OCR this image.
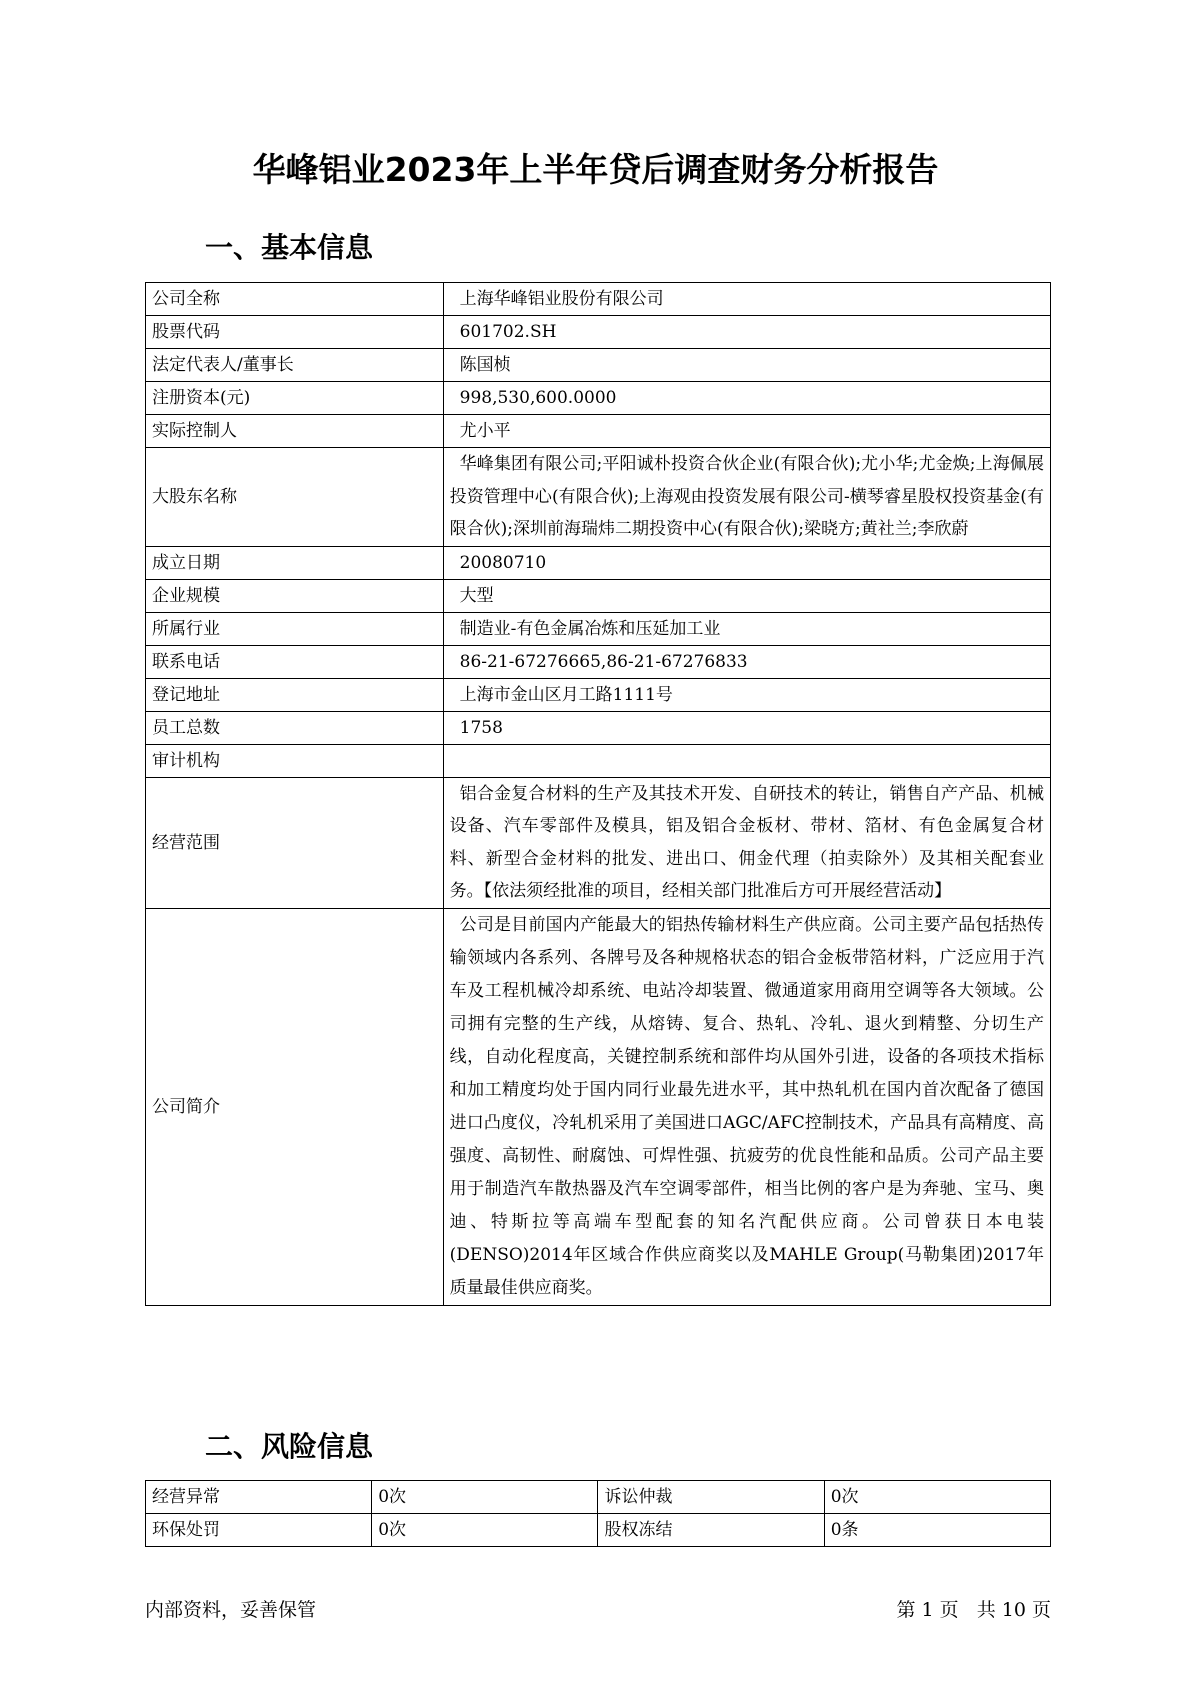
华峰铝业2023年上半年贷后调查财务分析报告
一、基本信息
公司全称	上海华峰铝业股份有限公司
股票代码	601702.SH
法定代表人/董事长	陈国桢
注册资本(元)	998,530,600.0000
实际控制人	尤小平
大股东名称	华峰集团有限公司;平阳诚朴投资合伙企业(有限合伙);尤小华;尤金焕;上海佩展投资管理中心(有限合伙);上海观由投资发展有限公司-横琴睿星股权投资基金(有限合伙);深圳前海瑞炜二期投资中心(有限合伙);梁晓方;黄社兰;李欣蔚
成立日期	20080710
企业规模	大型
所属行业	制造业-有色金属冶炼和压延加工业
联系电话	86-21-67276665,86-21-67276833
登记地址	上海市金山区月工路1111号
员工总数	1758
审计机构	
经营范围	铝合金复合材料的生产及其技术开发、自研技术的转让，销售自产产品、机械设备、汽车零部件及模具，铝及铝合金板材、带材、箔材、有色金属复合材料、新型合金材料的批发、进出口、佣金代理（拍卖除外）及其相关配套业务。【依法须经批准的项目，经相关部门批准后方可开展经营活动】
公司简介	公司是目前国内产能最大的铝热传输材料生产供应商。公司主要产品包括热传输领域内各系列、各牌号及各种规格状态的铝合金板带箔材料，广泛应用于汽车及工程机械冷却系统、电站冷却装置、微通道家用商用空调等各大领域。公司拥有完整的生产线，从熔铸、复合、热轧、冷轧、退火到精整、分切生产线，自动化程度高，关键控制系统和部件均从国外引进，设备的各项技术指标和加工精度均处于国内同行业最先进水平，其中热轧机在国内首次配备了德国进口凸度仪，冷轧机采用了美国进口AGC/AFC控制技术，产品具有高精度、高强度、高韧性、耐腐蚀、可焊性强、抗疲劳的优良性能和品质。公司产品主要用于制造汽车散热器及汽车空调零部件，相当比例的客户是为奔驰、宝马、奥迪、特斯拉等高端车型配套的知名汽配供应商。公司曾获日本电装(DENSO)2014年区域合作供应商奖以及MAHLE Group(马勒集团)2017年质量最佳供应商奖。
二、风险信息
经营异常	0次	诉讼仲裁	0次
环保处罚	0次	股权冻结	0条

内部资料，妥善保管	第 1 页 共 10 页
